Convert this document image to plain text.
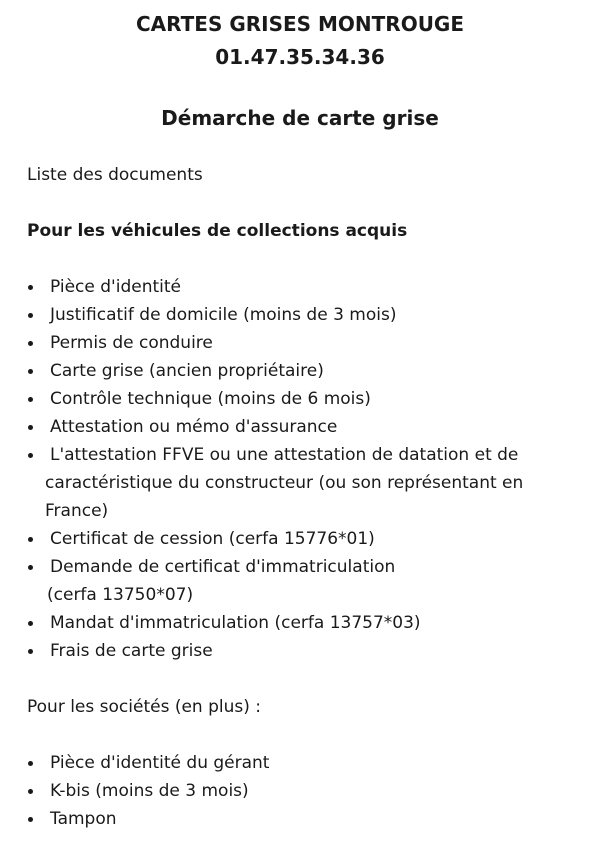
CARTES GRISES MONTROUGE
01.47.35.34.36
Démarche de carte grise
Liste des documents
Pour les véhicules de collections acquis
Pièce d'identité
Justificatif de domicile (moins de 3 mois)
Permis de conduire
Carte grise (ancien propriétaire)
Contrôle technique (moins de 6 mois)
Attestation ou mémo d'assurance
L'attestation FFVE ou une attestation de datation et de
caractéristique du constructeur (ou son représentant en
France)
Certificat de cession (cerfa 15776*01)
Demande de certificat d'immatriculation
(cerfa 13750*07)
Mandat d'immatriculation (cerfa 13757*03)
Frais de carte grise
Pour les sociétés (en plus) :
Pièce d'identité du gérant
K-bis (moins de 3 mois)
Tampon
